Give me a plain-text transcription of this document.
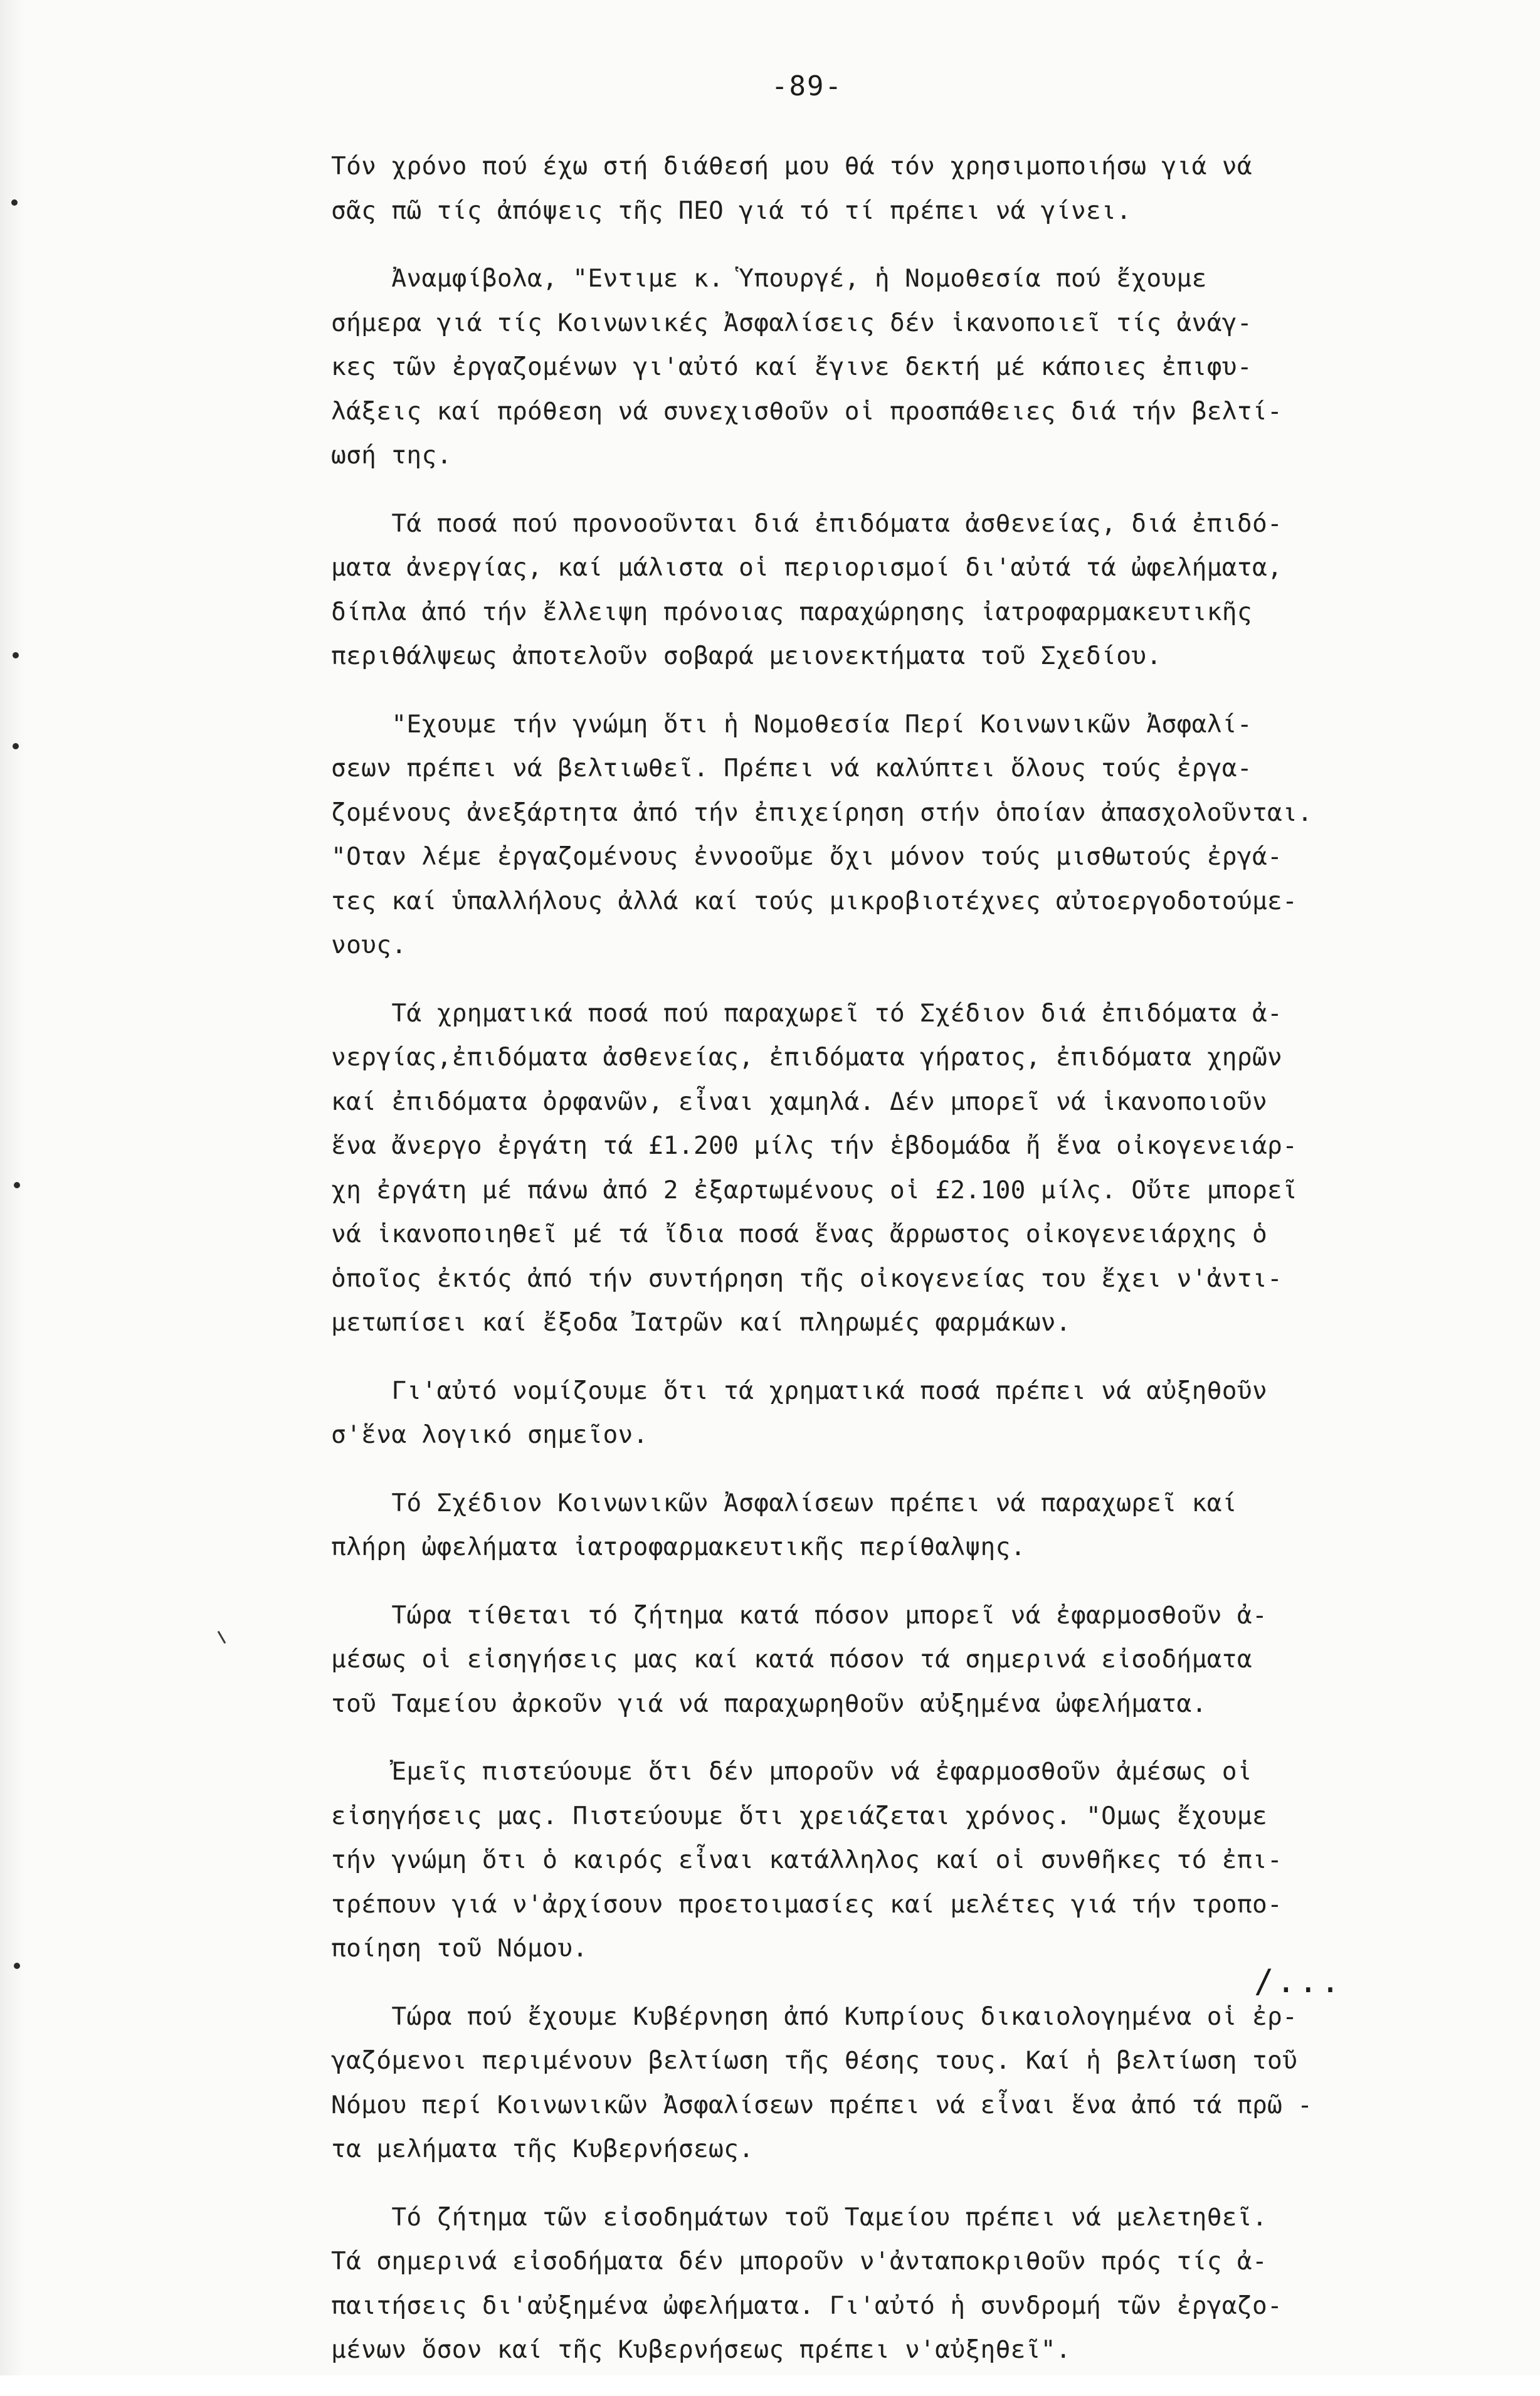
-89-
Τόν χρόνο πού έχω στή διάθεσή μου θά τόν χρησιμοποιήσω γιά νά
σᾶς πῶ τίς ἀπόψεις τῆς ΠΕΟ γιά τό τί πρέπει νά γίνει.
Ἀναμφίβολα, "Εντιμε κ. Ὑπουργέ, ἡ Νομοθεσία πού ἔχουμε
σήμερα γιά τίς Κοινωνικές Ἀσφαλίσεις δέν ἱκανοποιεῖ τίς ἀνάγ-
κες τῶν ἐργαζομένων γι'αὐτό καί ἔγινε δεκτή μέ κάποιες ἐπιφυ-
λάξεις καί πρόθεση νά συνεχισθοῦν οἱ προσπάθειες διά τήν βελτί-
ωσή της.
Τά ποσά πού προνοοῦνται διά ἐπιδόματα ἀσθενείας, διά ἐπιδό-
ματα ἀνεργίας, καί μάλιστα οἱ περιορισμοί δι'αὐτά τά ὠφελήματα,
δίπλα ἀπό τήν ἔλλειψη πρόνοιας παραχώρησης ἰατροφαρμακευτικῆς
περιθάλψεως ἀποτελοῦν σοβαρά μειονεκτήματα τοῦ Σχεδίου.
"Εχουμε τήν γνώμη ὅτι ἡ Νομοθεσία Περί Κοινωνικῶν Ἀσφαλί-
σεων πρέπει νά βελτιωθεῖ. Πρέπει νά καλύπτει ὅλους τούς ἐργα-
ζομένους ἀνεξάρτητα ἀπό τήν ἐπιχείρηση στήν ὁποίαν ἀπασχολοῦνται.
"Οταν λέμε ἐργαζομένους ἐννοοῦμε ὄχι μόνον τούς μισθωτούς ἐργά-
τες καί ὑπαλλήλους ἀλλά καί τούς μικροβιοτέχνες αὐτοεργοδοτούμε-
νους.
Τά χρηματικά ποσά πού παραχωρεῖ τό Σχέδιον διά ἐπιδόματα ἀ-
νεργίας,ἐπιδόματα ἀσθενείας, ἐπιδόματα γήρατος, ἐπιδόματα χηρῶν
καί ἐπιδόματα ὀρφανῶν, εἶναι χαμηλά. Δέν μπορεῖ νά ἱκανοποιοῦν
ἕνα ἄνεργο ἐργάτη τά £1.200 μίλς τήν ἑβδομάδα ἤ ἕνα οἰκογενειάρ-
χη ἐργάτη μέ πάνω ἀπό 2 ἐξαρτωμένους οἱ £2.100 μίλς. Οὔτε μπορεῖ
νά ἱκανοποιηθεῖ μέ τά ἴδια ποσά ἕνας ἄρρωστος οἰκογενειάρχης ὁ
ὁποῖος ἐκτός ἀπό τήν συντήρηση τῆς οἰκογενείας του ἔχει ν'ἀντι-
μετωπίσει καί ἔξοδα Ἰατρῶν καί πληρωμές φαρμάκων.
Γι'αὐτό νομίζουμε ὅτι τά χρηματικά ποσά πρέπει νά αὐξηθοῦν
σ'ἕνα λογικό σημεῖον.
Τό Σχέδιον Κοινωνικῶν Ἀσφαλίσεων πρέπει νά παραχωρεῖ καί
πλήρη ὠφελήματα ἰατροφαρμακευτικῆς περίθαλψης.
Τώρα τίθεται τό ζήτημα κατά πόσον μπορεῖ νά ἐφαρμοσθοῦν ἀ-
μέσως οἱ εἰσηγήσεις μας καί κατά πόσον τά σημερινά εἰσοδήματα
τοῦ Ταμείου ἀρκοῦν γιά νά παραχωρηθοῦν αὐξημένα ὠφελήματα.
Ἐμεῖς πιστεύουμε ὅτι δέν μποροῦν νά ἐφαρμοσθοῦν ἀμέσως οἱ
εἰσηγήσεις μας. Πιστεύουμε ὅτι χρειάζεται χρόνος. "Ομως ἔχουμε
τήν γνώμη ὅτι ὁ καιρός εἶναι κατάλληλος καί οἱ συνθῆκες τό ἐπι-
τρέπουν γιά ν'ἀρχίσουν προετοιμασίες καί μελέτες γιά τήν τροπο-
ποίηση τοῦ Νόμου.
Τώρα πού ἔχουμε Κυβέρνηση ἀπό Κυπρίους δικαιολογημένα οἱ ἐρ-
γαζόμενοι περιμένουν βελτίωση τῆς θέσης τους. Καί ἡ βελτίωση τοῦ
Νόμου περί Κοινωνικῶν Ἀσφαλίσεων πρέπει νά εἶναι ἕνα ἀπό τά πρῶ -
τα μελήματα τῆς Κυβερνήσεως.
Τό ζήτημα τῶν εἰσοδημάτων τοῦ Ταμείου πρέπει νά μελετηθεῖ.
Τά σημερινά εἰσοδήματα δέν μποροῦν ν'ἀνταποκριθοῦν πρός τίς ἀ-
παιτήσεις δι'αὐξημένα ὠφελήματα. Γι'αὐτό ἡ συνδρομή τῶν ἐργαζο-
μένων ὅσον καί τῆς Κυβερνήσεως πρέπει ν'αὐξηθεῖ".
/...
